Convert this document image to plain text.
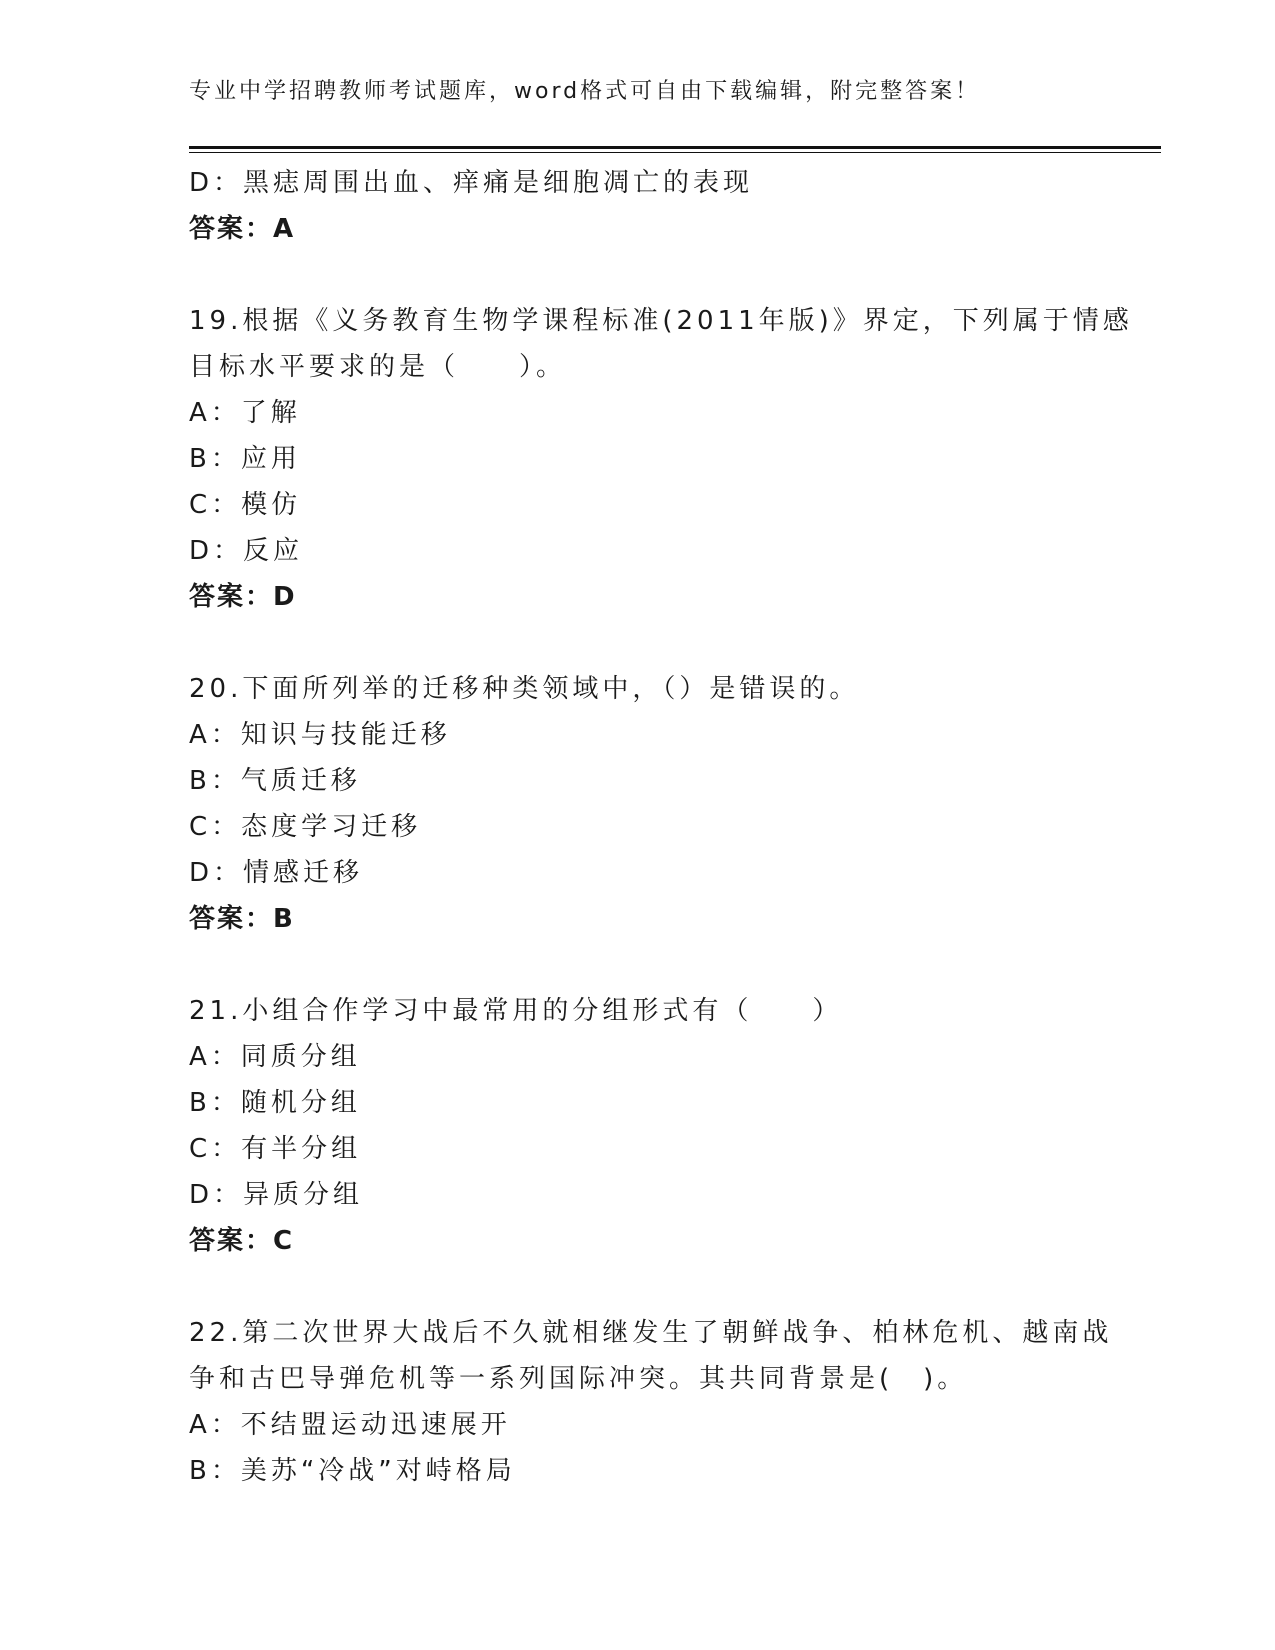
专业中学招聘教师考试题库，word格式可自由下载编辑，附完整答案！
D：黑痣周围出血、痒痛是细胞凋亡的表现
答案：A
19.根据《义务教育生物学课程标准(2011年版)》界定，下列属于情感
目标水平要求的是（　　）。
A：了解
B：应用
C：模仿
D：反应
答案：D
20.下面所列举的迁移种类领域中，（）是错误的。
A：知识与技能迁移
B：气质迁移
C：态度学习迁移
D：情感迁移
答案：B
21.小组合作学习中最常用的分组形式有（　　）
A：同质分组
B：随机分组
C：有半分组
D：异质分组
答案：C
22.第二次世界大战后不久就相继发生了朝鲜战争、柏林危机、越南战
争和古巴导弹危机等一系列国际冲突。其共同背景是(　)。
A：不结盟运动迅速展开
B：美苏“冷战”对峙格局
